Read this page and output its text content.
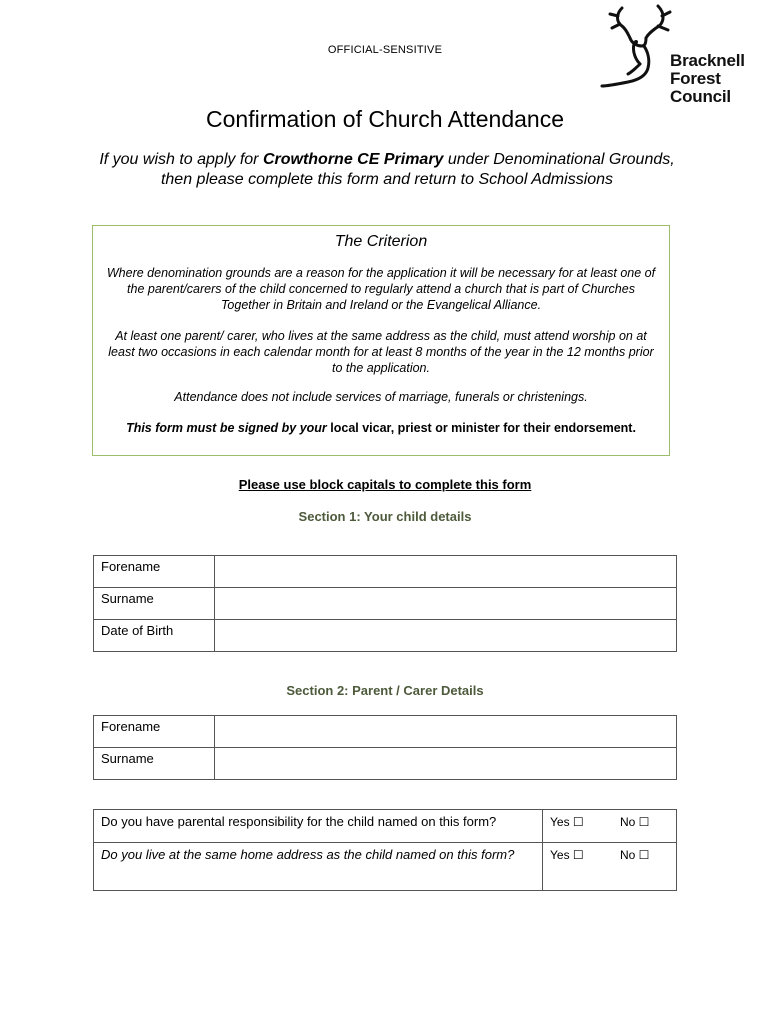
OFFICIAL-SENSITIVE
Bracknell
Forest
Council
Confirmation of Church Attendance
If you wish to apply for Crowthorne CE Primary under Denominational Grounds, then please complete this form and return to School Admissions
The Criterion
Where denomination grounds are a reason for the application it will be necessary for at least one of the parent/carers of the child concerned to regularly attend a church that is part of Churches Together in Britain and Ireland or the Evangelical Alliance.
At least one parent/ carer, who lives at the same address as the child, must attend worship on at least two occasions in each calendar month for at least 8 months of the year in the 12 months prior to the application.
Attendance does not include services of marriage, funerals or christenings.
This form must be signed by your local vicar, priest or minister for their endorsement.
Please use block capitals to complete this form
Section 1: Your child details
Forename	
Surname	
Date of Birth	
Section 2: Parent / Carer Details
Forename	
Surname	
Do you have parental responsibility for the child named on this form?	Yes ☐ No ☐
Do you live at the same home address as the child named on this form?	Yes ☐ No ☐
